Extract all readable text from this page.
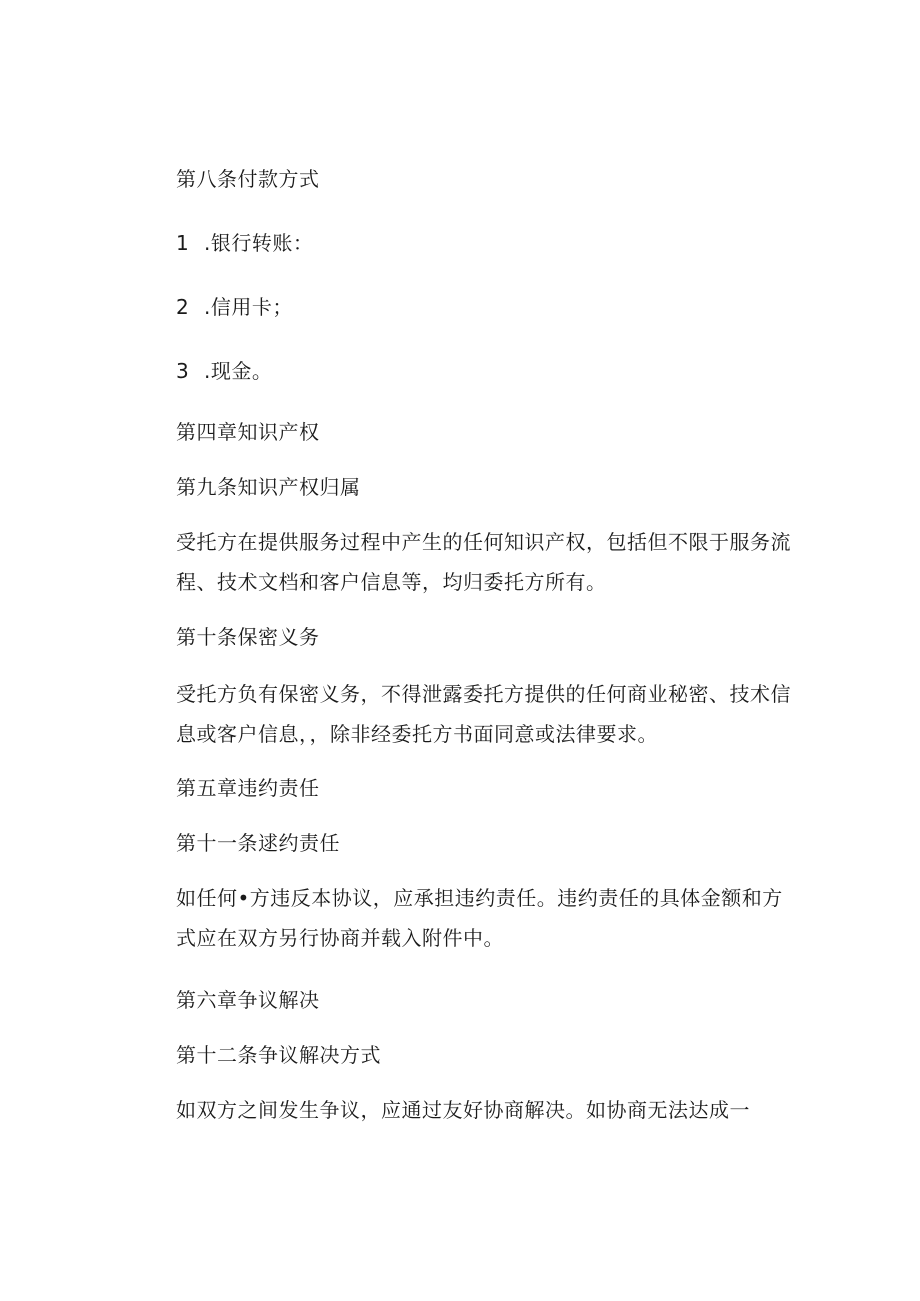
第八条付款方式
1 .银行转账：
2 .信用卡；
3 .现金。
第四章知识产权
第九条知识产权归属
受托方在提供服务过程中产生的任何知识产权，包括但不限于服务流
程、技术文档和客户信息等，均归委托方所有。
第十条保密义务
受托方负有保密义务，不得泄露委托方提供的任何商业秘密、技术信
息或客户信息，，除非经委托方书面同意或法律要求。
第五章违约责任
第十一条逑约责任
如任何•方违反本协议，应承担违约责任。违约责任的具体金额和方
式应在双方另行协商并载入附件中。
第六章争议解决
第十二条争议解决方式
如双方之间发生争议，应通过友好协商解决。如协商无法达成一
